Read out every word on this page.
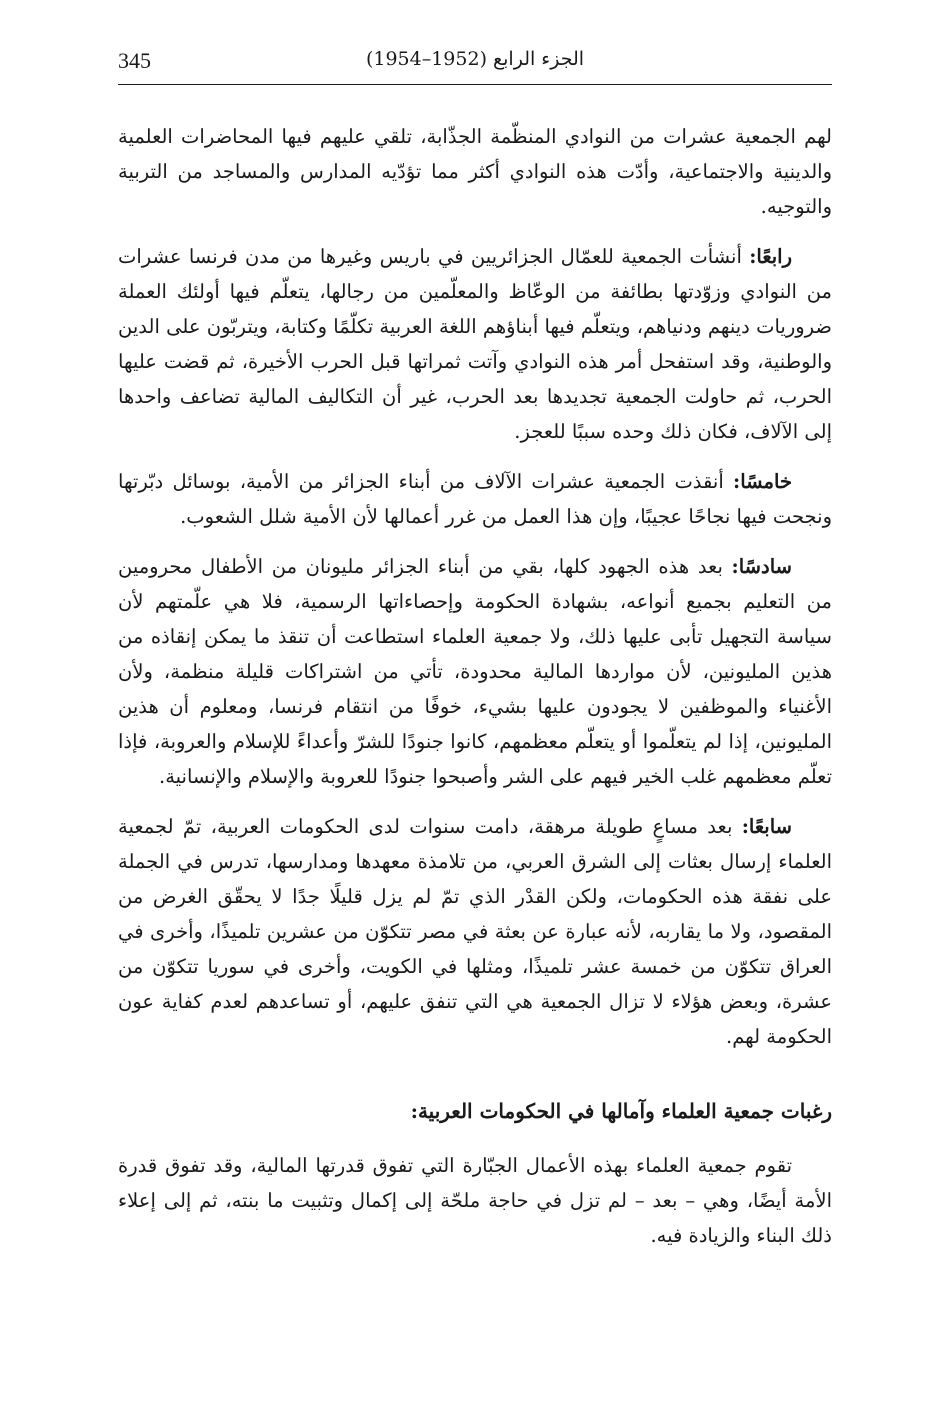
345	الجزء الرابع (1952–1954)

لهم الجمعية عشرات من النوادي المنظّمة الجذّابة، تلقي عليهم فيها المحاضرات العلمية والدينية والاجتماعية، وأدّت هذه النوادي أكثر مما تؤدّيه المدارس والمساجد من التربية والتوجيه.

رابعًا: أنشأت الجمعية للعمّال الجزائريين في باريس وغيرها من مدن فرنسا عشرات من النوادي وزوّدتها بطائفة من الوعّاظ والمعلّمين من رجالها، يتعلّم فيها أولئك العملة ضروريات دينهم ودنياهم، ويتعلّم فيها أبناؤهم اللغة العربية تكلّمًا وكتابة، ويتربّون على الدين والوطنية، وقد استفحل أمر هذه النوادي وآتت ثمراتها قبل الحرب الأخيرة، ثم قضت عليها الحرب، ثم حاولت الجمعية تجديدها بعد الحرب، غير أن التكاليف المالية تضاعف واحدها إلى الآلاف، فكان ذلك وحده سببًا للعجز.

خامسًا: أنقذت الجمعية عشرات الآلاف من أبناء الجزائر من الأمية، بوسائل دبّرتها ونجحت فيها نجاحًا عجيبًا، وإن هذا العمل من غرر أعمالها لأن الأمية شلل الشعوب.

سادسًا: بعد هذه الجهود كلها، بقي من أبناء الجزائر مليونان من الأطفال محرومين من التعليم بجميع أنواعه، بشهادة الحكومة وإحصاءاتها الرسمية، فلا هي علّمتهم لأن سياسة التجهيل تأبى عليها ذلك، ولا جمعية العلماء استطاعت أن تنقذ ما يمكن إنقاذه من هذين المليونين، لأن مواردها المالية محدودة، تأتي من اشتراكات قليلة منظمة، ولأن الأغنياء والموظفين لا يجودون عليها بشيء، خوفًا من انتقام فرنسا، ومعلوم أن هذين المليونين، إذا لم يتعلّموا أو يتعلّم معظمهم، كانوا جنودًا للشرّ وأعداءً للإسلام والعروبة، فإذا تعلّم معظمهم غلب الخير فيهم على الشر وأصبحوا جنودًا للعروبة والإسلام والإنسانية.

سابعًا: بعد مساعٍ طويلة مرهقة، دامت سنوات لدى الحكومات العربية، تمّ لجمعية العلماء إرسال بعثات إلى الشرق العربي، من تلامذة معهدها ومدارسها، تدرس في الجملة على نفقة هذه الحكومات، ولكن القدْر الذي تمّ لم يزل قليلًا جدًا لا يحقّق الغرض من المقصود، ولا ما يقاربه، لأنه عبارة عن بعثة في مصر تتكوّن من عشرين تلميذًا، وأخرى في العراق تتكوّن من خمسة عشر تلميذًا، ومثلها في الكويت، وأخرى في سوريا تتكوّن من عشرة، وبعض هؤلاء لا تزال الجمعية هي التي تنفق عليهم، أو تساعدهم لعدم كفاية عون الحكومة لهم.

رغبات جمعية العلماء وآمالها في الحكومات العربية:

تقوم جمعية العلماء بهذه الأعمال الجبّارة التي تفوق قدرتها المالية، وقد تفوق قدرة الأمة أيضًا، وهي – بعد – لم تزل في حاجة ملحّة إلى إكمال وتثبيت ما بنته، ثم إلى إعلاء ذلك البناء والزيادة فيه.
